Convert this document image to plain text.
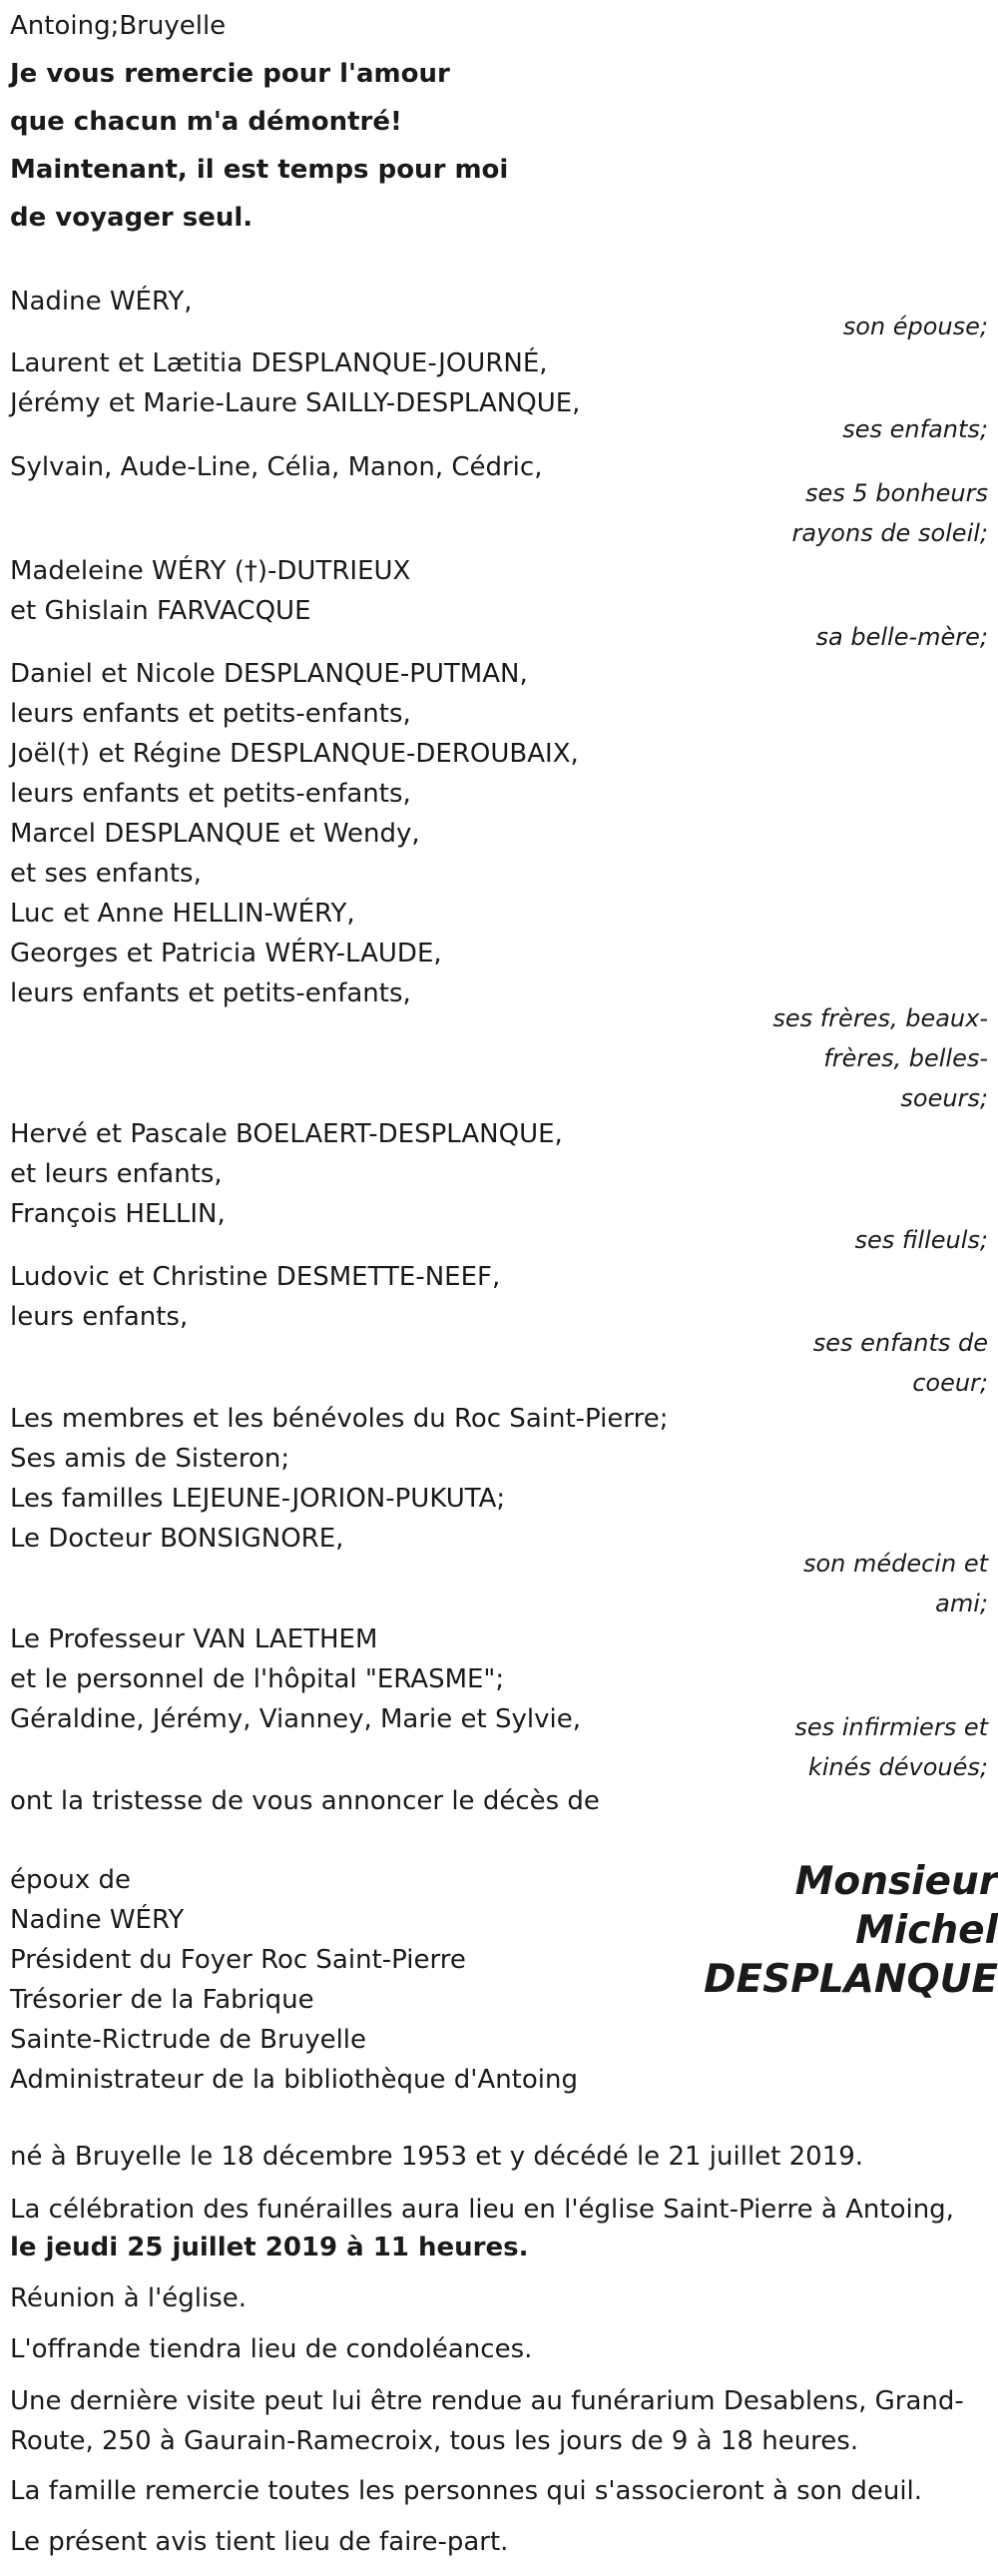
Antoing;Bruyelle

Je vous remercie pour l'amour
que chacun m'a démontré!
Maintenant, il est temps pour moi
de voyager seul.
Nadine WÉRY,
son épouse;
Laurent et Lætitia DESPLANQUE-JOURNÉ,
Jérémy et Marie-Laure SAILLY-DESPLANQUE,
ses enfants;
Sylvain, Aude-Line, Célia, Manon, Cédric,
ses 5 bonheurs
rayons de soleil;
Madeleine WÉRY (†)-DUTRIEUX
et Ghislain FARVACQUE
sa belle-mère;
Daniel et Nicole DESPLANQUE-PUTMAN,
leurs enfants et petits-enfants,
Joël(†) et Régine DESPLANQUE-DEROUBAIX,
leurs enfants et petits-enfants,
Marcel DESPLANQUE et Wendy,
et ses enfants,
Luc et Anne HELLIN-WÉRY,
Georges et Patricia WÉRY-LAUDE,
leurs enfants et petits-enfants,
ses frères, beaux-
frères, belles-
soeurs;
Hervé et Pascale BOELAERT-DESPLANQUE,
et leurs enfants,
François HELLIN,
ses filleuls;
Ludovic et Christine DESMETTE-NEEF,
leurs enfants,
ses enfants de
coeur;
Les membres et les bénévoles du Roc Saint-Pierre;
Ses amis de Sisteron;
Les familles LEJEUNE-JORION-PUKUTA;
Le Docteur BONSIGNORE,
son médecin et
ami;
Le Professeur VAN LAETHEM
et le personnel de l'hôpital "ERASME";
Géraldine, Jérémy, Vianney, Marie et Sylvie,	ses infirmiers et
kinés dévoués;

ont la tristesse de vous annoncer le décès de

époux de
Nadine WÉRY
Président du Foyer Roc Saint-Pierre
Trésorier de la Fabrique
Sainte-Rictrude de Bruyelle
Administrateur de la bibliothèque d'Antoing
Monsieur
Michel
DESPLANQUE

né à Bruyelle le 18 décembre 1953 et y décédé le 21 juillet 2019.

La célébration des funérailles aura lieu en l'église Saint-Pierre à Antoing,

le jeudi 25 juillet 2019 à 11 heures.

Réunion à l'église.

L'offrande tiendra lieu de condoléances.

Une dernière visite peut lui être rendue au funérarium Desablens, Grand-
Route, 250 à Gaurain-Ramecroix, tous les jours de 9 à 18 heures.

La famille remercie toutes les personnes qui s'associeront à son deuil.

Le présent avis tient lieu de faire-part.
